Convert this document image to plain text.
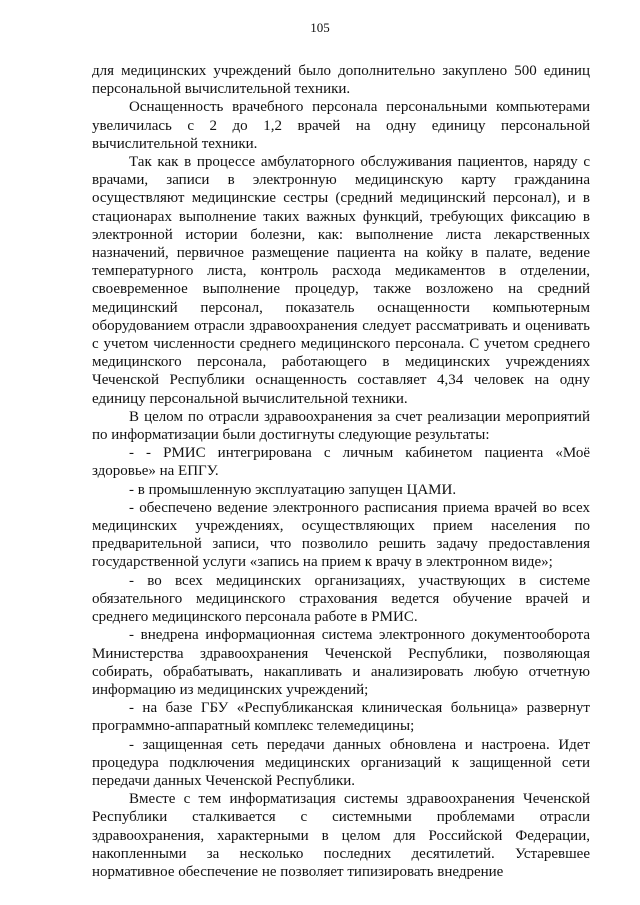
105

для медицинских учреждений было дополнительно закуплено 500 единиц персональной вычислительной техники.

Оснащенность врачебного персонала персональными компьютерами увеличилась с 2 до 1,2 врачей на одну единицу персональной вычислительной техники.

Так как в процессе амбулаторного обслуживания пациентов, наряду с врачами, записи в электронную медицинскую карту гражданина осуществляют медицинские сестры (средний медицинский персонал), и в стационарах выполнение таких важных функций, требующих фиксацию в электронной истории болезни, как: выполнение листа лекарственных назначений, первичное размещение пациента на койку в палате, ведение температурного листа, контроль расхода медикаментов в отделении, своевременное выполнение процедур, также возложено на средний медицинский персонал, показатель оснащенности компьютерным оборудованием отрасли здравоохранения следует рассматривать и оценивать с учетом численности среднего медицинского персонала. С учетом среднего медицинского персонала, работающего в медицинских учреждениях Чеченской Республики оснащенность составляет 4,34 человек на одну единицу персональной вычислительной техники.

В целом по отрасли здравоохранения за счет реализации мероприятий по информатизации были достигнуты следующие результаты:

- - РМИС интегрирована с личным кабинетом пациента «Моё здоровье» на ЕПГУ.

- в промышленную эксплуатацию запущен ЦАМИ.

- обеспечено ведение электронного расписания приема врачей во всех медицинских учреждениях, осуществляющих прием населения по предварительной записи, что позволило решить задачу предоставления государственной услуги «запись на прием к врачу в электронном виде»;

- во всех медицинских организациях, участвующих в системе обязательного медицинского страхования ведется обучение врачей и среднего медицинского персонала работе в РМИС.

- внедрена информационная система электронного документооборота Министерства здравоохранения Чеченской Республики, позволяющая собирать, обрабатывать, накапливать и анализировать любую отчетную информацию из медицинских учреждений;

- на базе ГБУ «Республиканская клиническая больница» развернут программно-аппаратный комплекс телемедицины;

- защищенная сеть передачи данных обновлена и настроена. Идет процедура подключения медицинских организаций к защищенной сети передачи данных Чеченской Республики.

Вместе с тем информатизация системы здравоохранения Чеченской Республики сталкивается с системными проблемами отрасли здравоохранения, характерными в целом для Российской Федерации, накопленными за несколько последних десятилетий. Устаревшее нормативное обеспечение не позволяет типизировать внедрение
